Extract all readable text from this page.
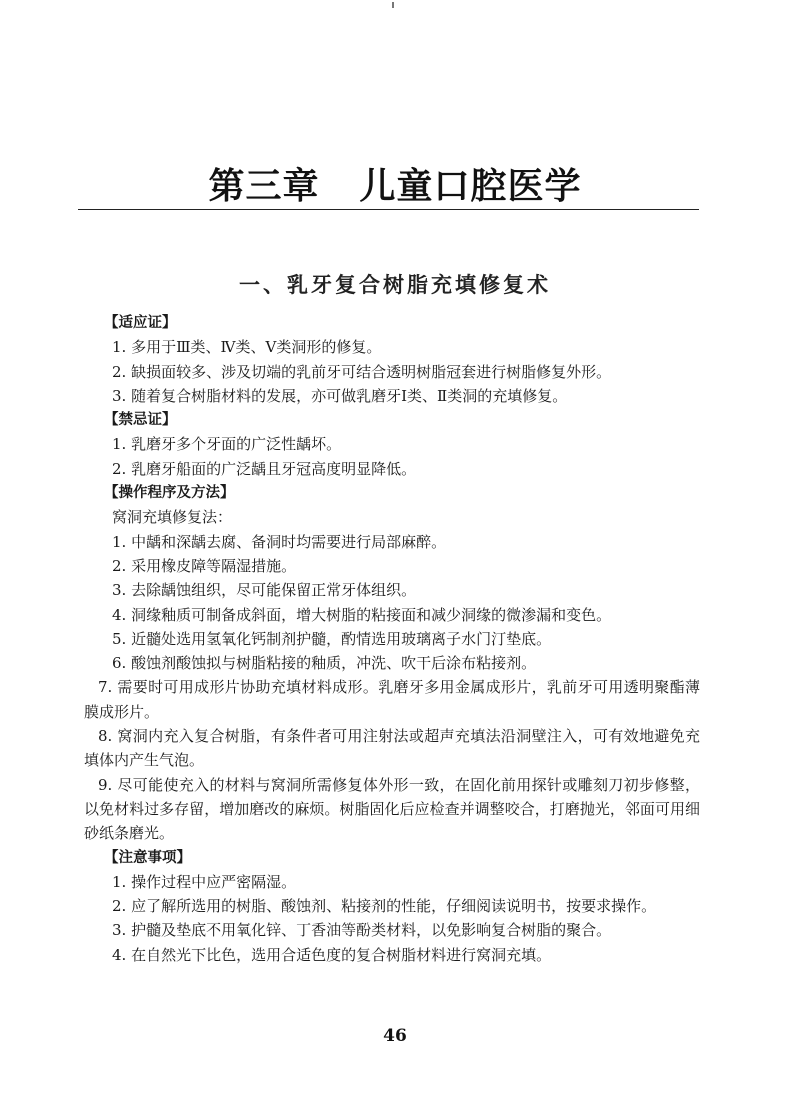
第三章 儿童口腔医学
一、乳牙复合树脂充填修复术

【适应证】

1. 多用于Ⅲ类、Ⅳ类、Ⅴ类洞形的修复。

2. 缺损面较多、涉及切端的乳前牙可结合透明树脂冠套进行树脂修复外形。

3. 随着复合树脂材料的发展，亦可做乳磨牙Ⅰ类、Ⅱ类洞的充填修复。

【禁忌证】

1. 乳磨牙多个牙面的广泛性龋坏。

2. 乳磨牙船面的广泛龋且牙冠高度明显降低。

【操作程序及方法】

窝洞充填修复法：

1. 中龋和深龋去腐、备洞时均需要进行局部麻醉。

2. 采用橡皮障等隔湿措施。

3. 去除龋蚀组织，尽可能保留正常牙体组织。

4. 洞缘釉质可制备成斜面，增大树脂的粘接面和减少洞缘的微渗漏和变色。

5. 近髓处选用氢氧化钙制剂护髓，酌情选用玻璃离子水门汀垫底。

6. 酸蚀剂酸蚀拟与树脂粘接的釉质，冲洗、吹干后涂布粘接剂。

7. 需要时可用成形片协助充填材料成形。乳磨牙多用金属成形片，乳前牙可用透明聚酯薄膜成形片。

8. 窝洞内充入复合树脂，有条件者可用注射法或超声充填法沿洞壁注入，可有效地避免充填体内产生气泡。

9. 尽可能使充入的材料与窝洞所需修复体外形一致，在固化前用探针或雕刻刀初步修整，以免材料过多存留，增加磨改的麻烦。树脂固化后应检查并调整咬合，打磨抛光，邻面可用细砂纸条磨光。

【注意事项】

1. 操作过程中应严密隔湿。

2. 应了解所选用的树脂、酸蚀剂、粘接剂的性能，仔细阅读说明书，按要求操作。

3. 护髓及垫底不用氧化锌、丁香油等酚类材料，以免影响复合树脂的聚合。

4. 在自然光下比色，选用合适色度的复合树脂材料进行窝洞充填。

46
